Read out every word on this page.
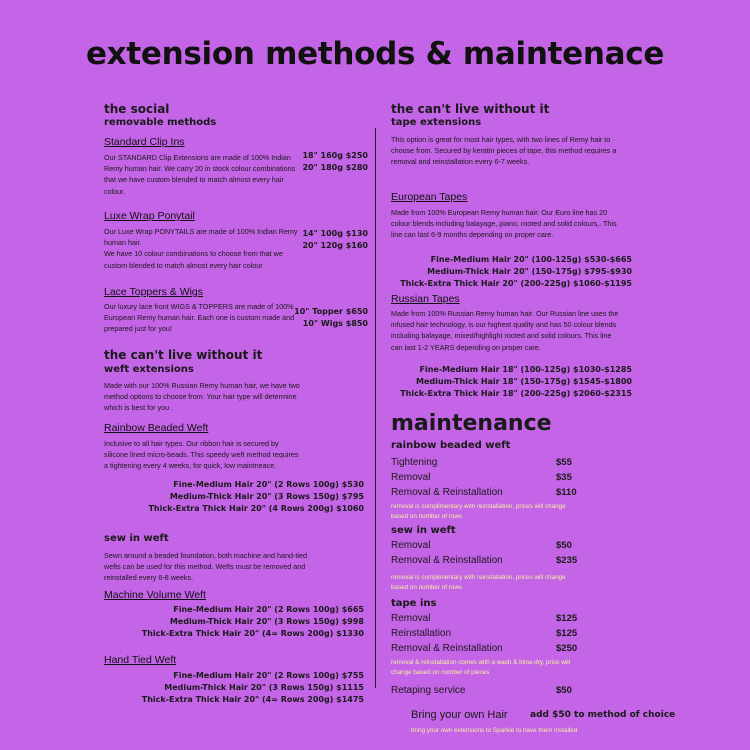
extension methods & maintenace
the social
removable methods
Standard Clip Ins
Our STANDARD Clip Extensions are made of 100% Indian Remy human hair. We carry 20 in stock colour combinations that we have custom blended to match almost every hair colour.
18" 160g $250
20" 180g $280
Luxe Wrap Ponytail
Our Luxe Wrap PONYTAILS are made of 100% Indian Remy human hair.
We have 10 colour combinations to choose from that we custom blended to match almost every hair colour
14" 100g $130
20" 120g $160
Lace Toppers & Wigs
Our luxury lace front WIGS & TOPPERS are made of 100% European Remy human hair. Each one is custom made and prepared just for you!
10" Topper $650
10" Wigs $850
the can't live without it
weft extensions
Made with our 100% Russian Remy human hair, we have two method options to choose from. Your hair type will determine which is best for you .
Rainbow Beaded Weft
Inclusive to all hair types. Our ribbon hair is secured by silicone lined micro-beads. This speedy weft method requires a tightening every 4 weeks, for quick, low maintneace.
Fine-Medium Hair 20" (2 Rows 100g) $530
Medium-Thick Hair 20" (3 Rows 150g) $795
Thick-Extra Thick Hair 20" (4 Rows 200g) $1060
sew in weft
Sewn around a beaded foundation, both machine and hand-tied wefts can be used for this method. Wefts must be removed and reinstalled every 6-8 weeks.
Machine Volume Weft
Fine-Medium Hair 20" (2 Rows 100g) $665
Medium-Thick Hair 20" (3 Rows 150g) $998
Thick-Extra Thick Hair 20" (4= Rows 200g) $1330
Hand Tied Weft
Fine-Medium Hair 20" (2 Rows 100g) $755
Medium-Thick Hair 20" (3 Rows 150g) $1115
Thick-Extra Thick Hair 20" (4= Rows 200g) $1475
the can't live without it
tape extensions
This option is great for most hair types, with two lines of Remy hair to choose from. Secured by keratin pieces of tape, this method requires a removal and reinstallation every 6-7 weeks.
European Tapes
Made from 100% European Remy human hair. Our Euro line has 20 colour blends including balayage, piano, rooted and solid colours,. This line can last 6-9 months depending on proper care.
Fine-Medium Hair 20" (100-125g) $530-$665
Medium-Thick Hair 20" (150-175g) $795-$930
Thick-Extra Thick Hair 20" (200-225g) $1060-$1195
Russian Tapes
Made from 100% Russian Remy human hair. Our Russian line uses the infused hair technology, is our highest quality and has 50 colour blends including balayage, mixed/highlight rooted and solid colours. This line can last 1-2 YEARS depending on proper care.
Fine-Medium Hair 18" (100-125g) $1030-$1285
Medium-Thick Hair 18" (150-175g) $1545-$1800
Thick-Extra Thick Hair 18" (200-225g) $2060-$2315
maintenance
rainbow beaded weft
Tightening	$55
Removal	$35
Removal & Reinstallation	$110
removal is complimentary with reinstallation, prices will change based on number of rows
sew in weft
Removal	$50
Removal & Reinstallation	$235
removal is complimentary with reinstallation, prices will change based on number of rows
tape ins
Removal	$125
Reinstallation	$125
Removal & Reinstallation	$250
removal & reinstallation comes with a wash & blow-dry, price will change based on number of pieces
Retaping service	$50
Bring your own Hair add $50 to method of choice
bring your own extensions to Sparkle to have them installed
